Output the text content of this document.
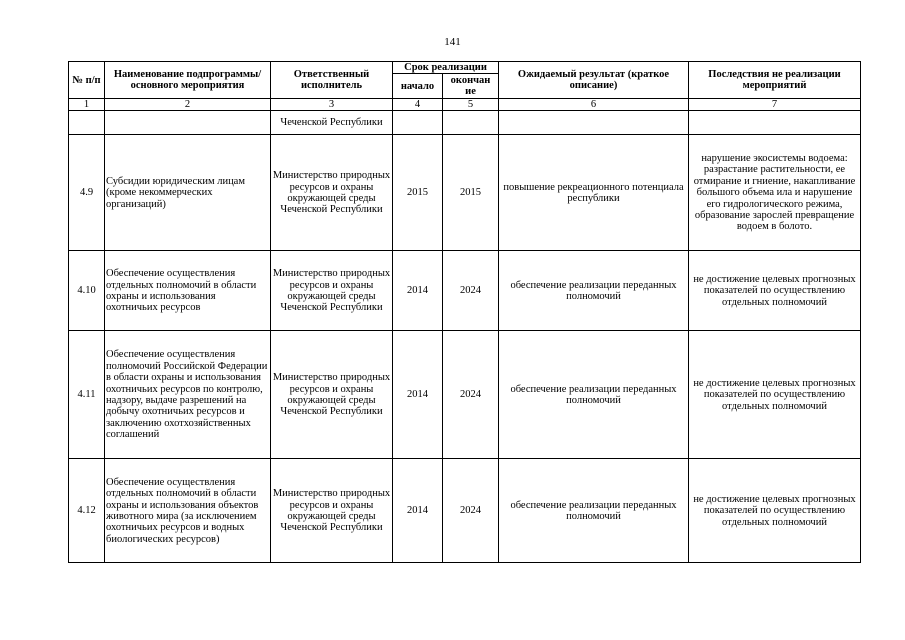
141
№ п/п	Наименование подпрограммы/ основного мероприятия	Ответственный исполнитель	Срок реализации		Ожидаемый результат (краткое описание)	Последствия не реализации мероприятий
			начало	окончан ие		
1	2	3	4	5	6	7
		Чеченской Республики				
4.9	Субсидии юридическим лицам (кроме некоммерческих организаций)	Министерство природных ресурсов и охраны окружающей среды Чеченской Республики	2015	2015	повышение рекреационного потенциала республики	нарушение экосистемы водоема: разрастание растительности, ее отмирание и гниение, накапливание большого объема ила и нарушение его гидрологического режима, образование зарослей превращение водоем в болото.
4.10	Обеспечение осуществления отдельных полномочий в области охраны и использования охотничьих ресурсов	Министерство природных ресурсов и охраны окружающей среды Чеченской Республики	2014	2024	обеспечение реализации переданных полномочий	не достижение целевых прогнозных показателей по осуществлению отдельных полномочий
4.11	Обеспечение осуществления полномочий Российской Федерации в области охраны и использования охотничьих ресурсов по контролю, надзору, выдаче разрешений на добычу охотничьих ресурсов и заключению охотхозяйственных соглашений	Министерство природных ресурсов и охраны окружающей среды Чеченской Республики	2014	2024	обеспечение реализации переданных полномочий	не достижение целевых прогнозных показателей по осуществлению отдельных полномочий
4.12	Обеспечение осуществления отдельных полномочий в области охраны и использования объектов животного мира (за исключением охотничьих ресурсов и водных биологических ресурсов)	Министерство природных ресурсов и охраны окружающей среды Чеченской Республики	2014	2024	обеспечение реализации переданных полномочий	не достижение целевых прогнозных показателей по осуществлению отдельных полномочий
